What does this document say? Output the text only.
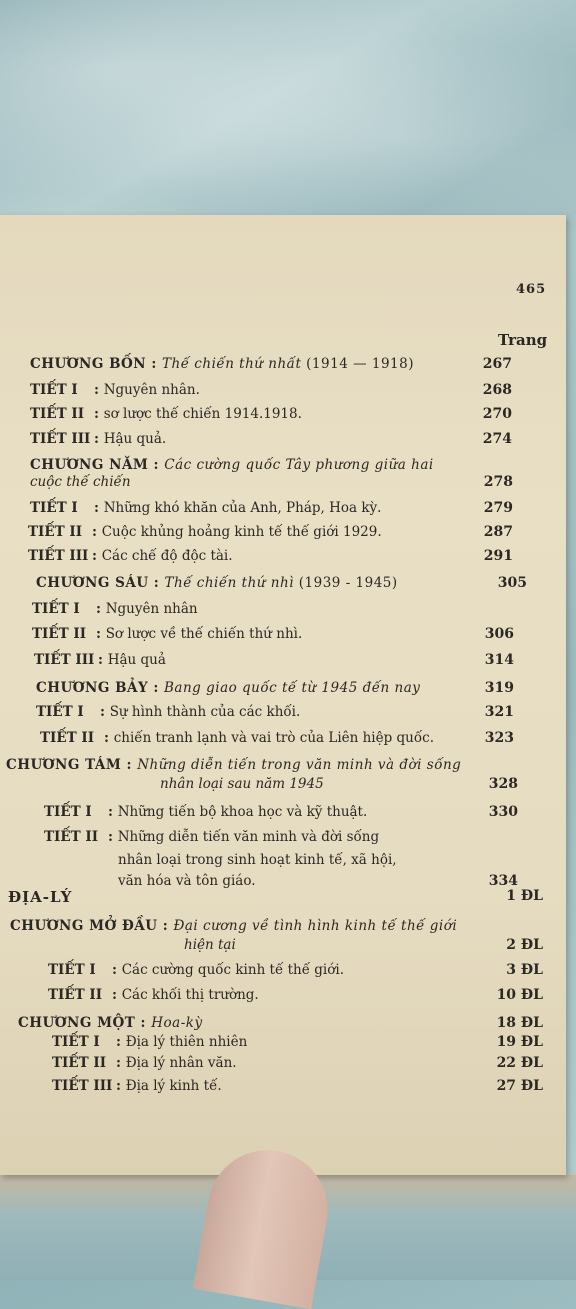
465
Trang
CHƯƠNG BỐN : Thế chiến thứ nhất (1914 — 1918)	267
TIẾT I : Nguyên nhân.	268
TIẾT II : sơ lược thế chiến 1914.1918.	270
TIẾT III : Hậu quả.	274
CHƯƠNG NĂM : Các cường quốc Tây phương giữa hai
cuộc thế chiến	278
TIẾT I : Những khó khăn của Anh, Pháp, Hoa kỳ.	279
TIẾT II : Cuộc khủng hoảng kinh tế thế giới 1929.	287
TIẾT III : Các chế độ độc tài.	291
CHƯƠNG SÁU : Thế chiến thứ nhì (1939 - 1945)	305
TIẾT I : Nguyên nhân
TIẾT II : Sơ lược về thế chiến thứ nhì.	306
TIẾT III : Hậu quả	314
CHƯƠNG BẢY : Bang giao quốc tế từ 1945 đến nay	319
TIẾT I : Sự hình thành của các khối.	321
TIẾT II : chiến tranh lạnh và vai trò của Liên hiệp quốc.	323
CHƯƠNG TÁM : Những diễn tiến trong văn minh và đời sống
nhân loại sau năm 1945	328
TIẾT I : Những tiến bộ khoa học và kỹ thuật.	330
TIẾT II : Những diễn tiến văn minh và đời sống
nhân loại trong sinh hoạt kinh tế, xã hội,
văn hóa và tôn giáo.	334
ĐỊA-LÝ	1 ĐL
CHƯƠNG MỞ ĐẦU : Đại cương về tình hình kinh tế thế giới
hiện tại	2 ĐL
TIẾT I : Các cường quốc kinh tế thế giới.	3 ĐL
TIẾT II : Các khối thị trường.	10 ĐL
CHƯƠNG MỘT : Hoa-kỳ	18 ĐL
TIẾT I : Địa lý thiên nhiên	19 ĐL
TIẾT II : Địa lý nhân văn.	22 ĐL
TIẾT III : Địa lý kinh tế.	27 ĐL
